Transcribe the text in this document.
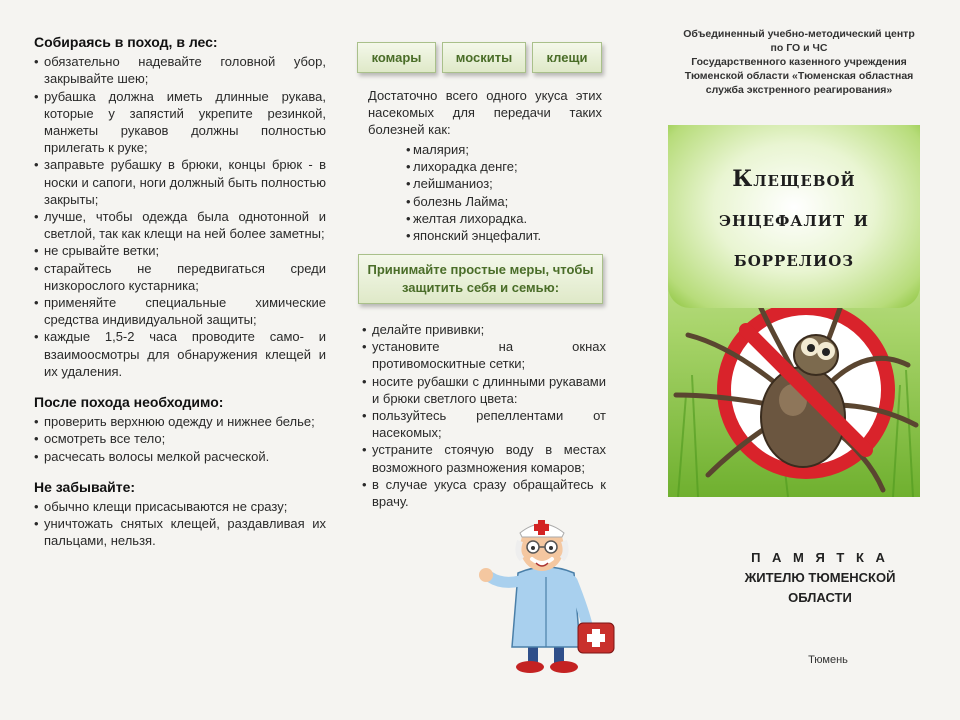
Собираясь в поход, в лес:
• обязательно надевайте головной убор, закрывайте шею;
• рубашка должна иметь длинные рукава, которые у запястий укрепите резинкой, манжеты рукавов должны полностью прилегать к руке;
• заправьте рубашку в брюки, концы брюк - в носки и сапоги, ноги должный быть полностью закрыты;
• лучше, чтобы одежда была однотонной и светлой, так как клещи на ней более заметны;
• не срывайте ветки;
• старайтесь не передвигаться среди низкорослого кустарника;
• применяйте специальные химические средства индивидуальной защиты;
• каждые 1,5-2 часа проводите само- и взаимоосмотры для обнаружения клещей и их удаления.
После похода необходимо:
• проверить верхнюю одежду и нижнее белье;
• осмотреть все тело;
• расчесать волосы мелкой расческой.
Не забывайте:
• обычно клещи присасываются не сразу;
• уничтожать снятых клещей, раздавливая их пальцами, нельзя.
комары	москиты	клещи

Достаточно всего одного укуса этих насекомых для передачи таких болезней как:

• малярия;
• лихорадка денге;
• лейшманиоз;
• болезнь Лайма;
• желтая лихорадка.
• японский энцефалит.
Принимайте простые меры, чтобы защитить себя и семью:
• делайте прививки;
• установите на окнах противомоскитные сетки;
• носите рубашки с длинными рукавами и брюки светлого цвета:
• пользуйтесь репеллентами от насекомых;
• устраните стоячую воду в местах возможного размножения комаров;
• в случае укуса сразу обращайтесь к врачу.
Объединенный учебно-методический центр
по ГО и ЧС
Государственного казенного учреждения
Тюменской области «Тюменская областная
служба экстренного реагирования»
Клещевой
энцефалит и
боррелиоз
П А М Я Т К А
ЖИТЕЛЮ ТЮМЕНСКОЙ
ОБЛАСТИ
Тюмень
